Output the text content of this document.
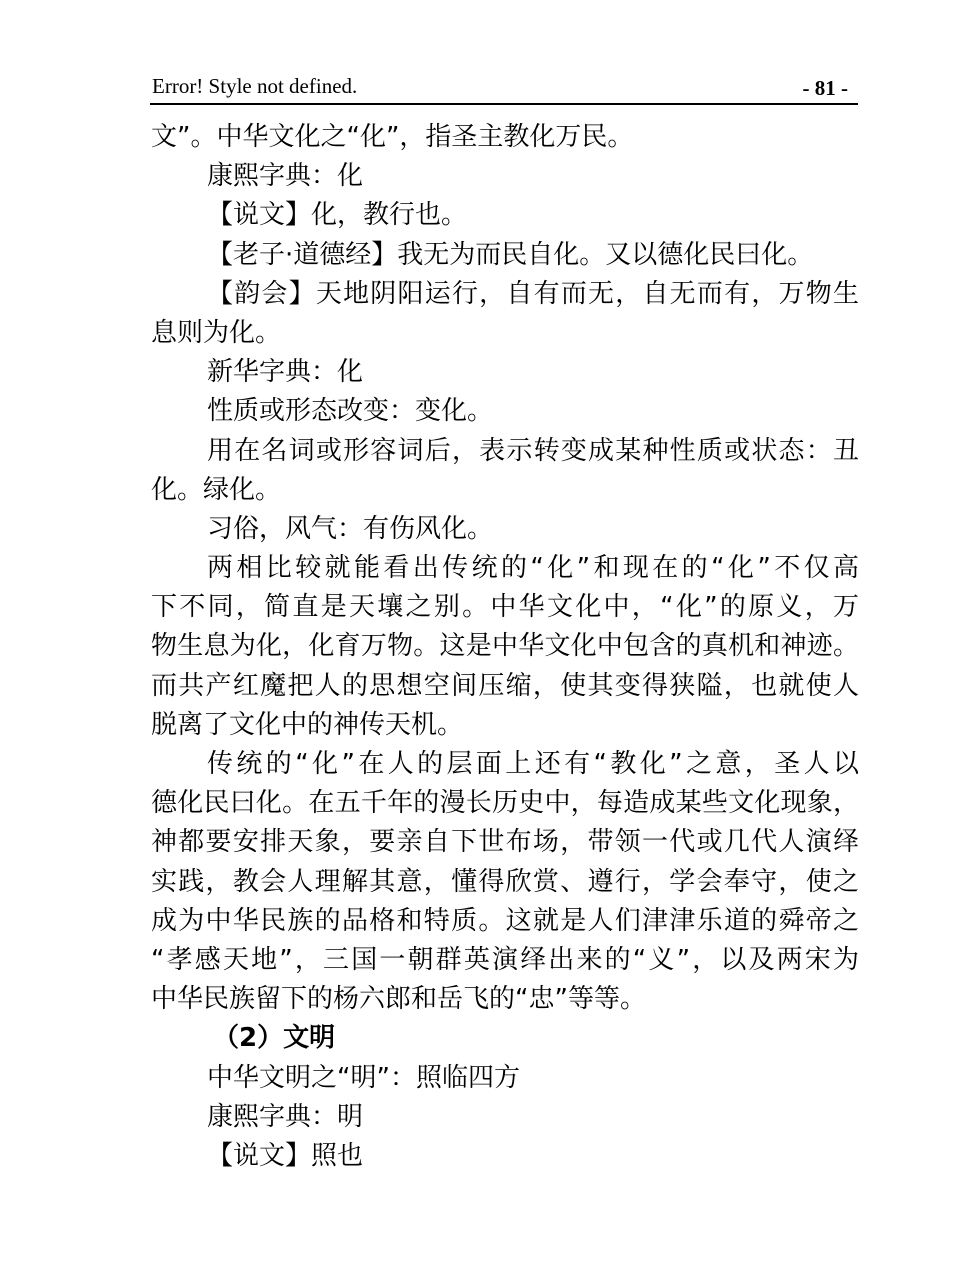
Error! Style not defined.	- 81 -
文”。中华文化之“化”，指圣主教化万民。
康熙字典：化
【说文】化，教行也。
【老子·道德经】我无为而民自化。又以德化民曰化。
【韵会】天地阴阳运行，自有而无，自无而有，万物生
息则为化。
新华字典：化
性质或形态改变：变化。
用在名词或形容词后，表示转变成某种性质或状态：丑
化。绿化。
习俗，风气：有伤风化。
两相比较就能看出传统的“化”和现在的“化”不仅高
下不同，简直是天壤之别。中华文化中，“化”的原义，万
物生息为化，化育万物。这是中华文化中包含的真机和神迹。
而共产红魔把人的思想空间压缩，使其变得狭隘，也就使人
脱离了文化中的神传天机。
传统的“化”在人的层面上还有“教化”之意，圣人以
德化民曰化。在五千年的漫长历史中，每造成某些文化现象，
神都要安排天象，要亲自下世布场，带领一代或几代人演绎
实践，教会人理解其意，懂得欣赏、遵行，学会奉守，使之
成为中华民族的品格和特质。这就是人们津津乐道的舜帝之
“孝感天地”，三国一朝群英演绎出来的“义”，以及两宋为
中华民族留下的杨六郎和岳飞的“忠”等等。
（2）文明
中华文明之“明”：照临四方
康熙字典：明
【说文】照也
